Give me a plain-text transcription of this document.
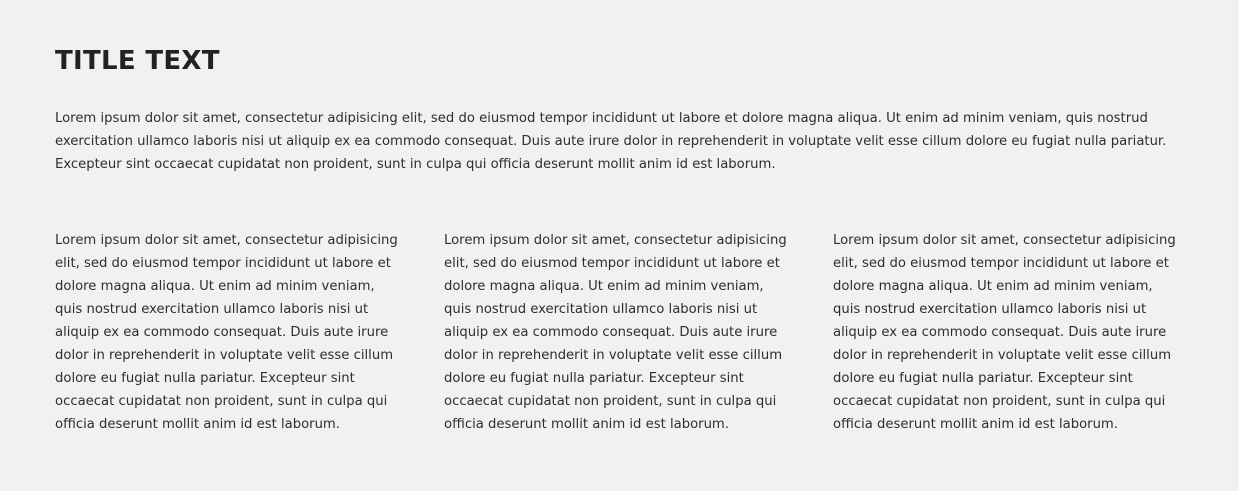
TITLE TEXT

Lorem ipsum dolor sit amet, consectetur adipisicing elit, sed do eiusmod tempor incididunt ut labore et dolore magna aliqua. Ut enim ad minim veniam, quis nostrud exercitation ullamco laboris nisi ut aliquip ex ea commodo consequat. Duis aute irure dolor in reprehenderit in voluptate velit esse cillum dolore eu fugiat nulla pariatur. Excepteur sint occaecat cupidatat non proident, sunt in culpa qui officia deserunt mollit anim id est laborum.

Lorem ipsum dolor sit amet, consectetur adipisicing elit, sed do eiusmod tempor incididunt ut labore et dolore magna aliqua. Ut enim ad minim veniam, quis nostrud exercitation ullamco laboris nisi ut aliquip ex ea commodo consequat. Duis aute irure dolor in reprehenderit in voluptate velit esse cillum dolore eu fugiat nulla pariatur. Excepteur sint occaecat cupidatat non proident, sunt in culpa qui officia deserunt mollit anim id est laborum.

Lorem ipsum dolor sit amet, consectetur adipisicing elit, sed do eiusmod tempor incididunt ut labore et dolore magna aliqua. Ut enim ad minim veniam, quis nostrud exercitation ullamco laboris nisi ut aliquip ex ea commodo consequat. Duis aute irure dolor in reprehenderit in voluptate velit esse cillum dolore eu fugiat nulla pariatur. Excepteur sint occaecat cupidatat non proident, sunt in culpa qui officia deserunt mollit anim id est laborum.

Lorem ipsum dolor sit amet, consectetur adipisicing elit, sed do eiusmod tempor incididunt ut labore et dolore magna aliqua. Ut enim ad minim veniam, quis nostrud exercitation ullamco laboris nisi ut aliquip ex ea commodo consequat. Duis aute irure dolor in reprehenderit in voluptate velit esse cillum dolore eu fugiat nulla pariatur. Excepteur sint occaecat cupidatat non proident, sunt in culpa qui officia deserunt mollit anim id est laborum.
